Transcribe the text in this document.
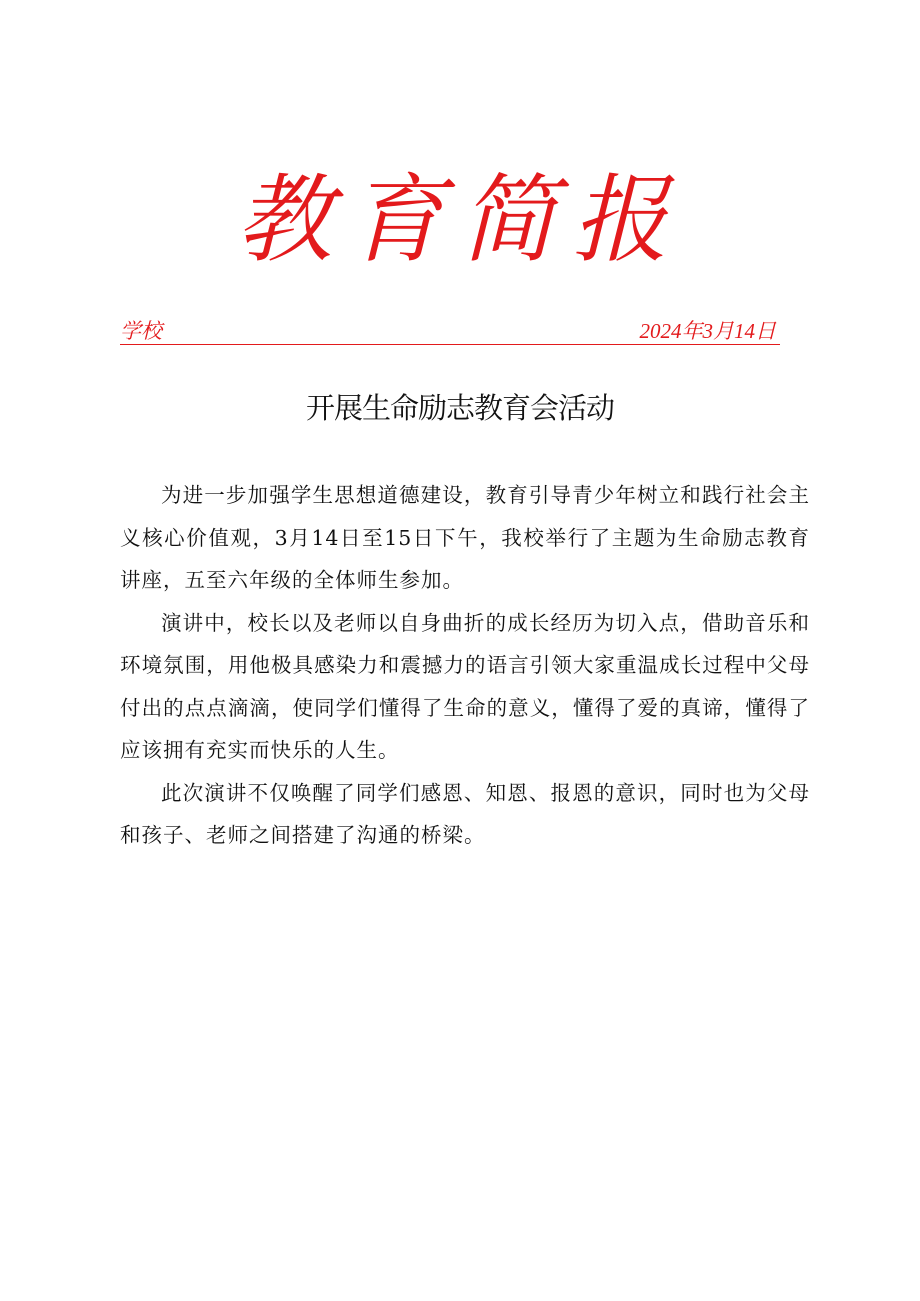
教育简报
学校	2024年3月14日
开展生命励志教育会活动

为进一步加强学生思想道德建设，教育引导青少年树立和践行社会主义核心价值观，3月14日至15日下午，我校举行了主题为生命励志教育讲座，五至六年级的全体师生参加。

演讲中，校长以及老师以自身曲折的成长经历为切入点，借助音乐和环境氛围，用他极具感染力和震撼力的语言引领大家重温成长过程中父母付出的点点滴滴，使同学们懂得了生命的意义，懂得了爱的真谛，懂得了应该拥有充实而快乐的人生。

此次演讲不仅唤醒了同学们感恩、知恩、报恩的意识，同时也为父母和孩子、老师之间搭建了沟通的桥梁。
